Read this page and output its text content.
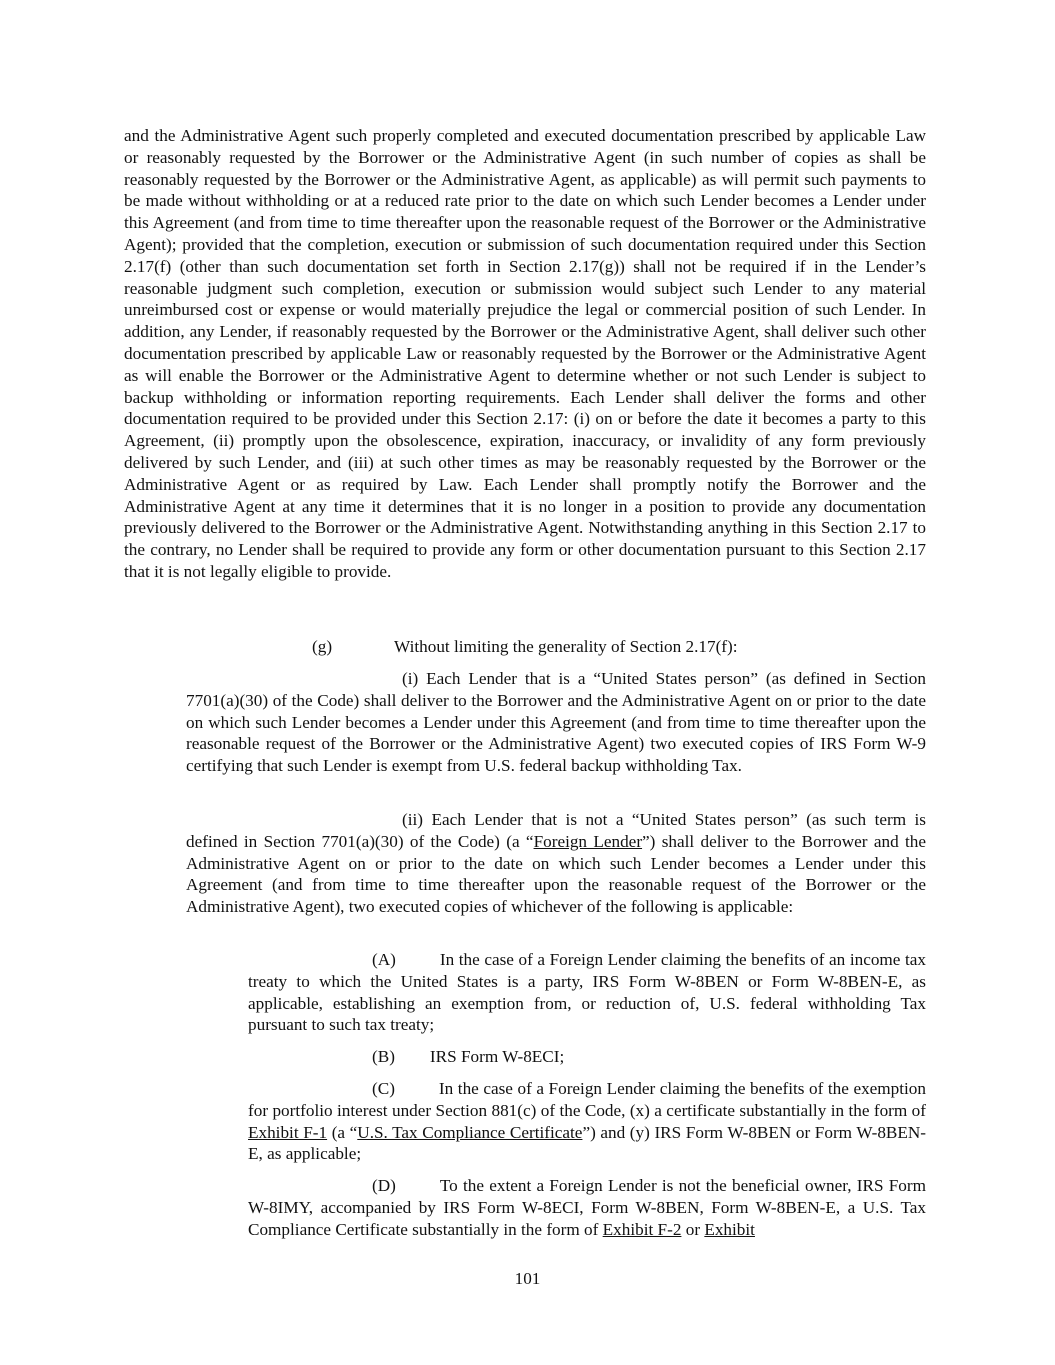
and the Administrative Agent such properly completed and executed documentation prescribed by applicable Law or reasonably requested by the Borrower or the Administrative Agent (in such number of copies as shall be reasonably requested by the Borrower or the Administrative Agent, as applicable) as will permit such payments to be made without withholding or at a reduced rate prior to the date on which such Lender becomes a Lender under this Agreement (and from time to time thereafter upon the reasonable request of the Borrower or the Administrative Agent); provided that the completion, execution or submission of such documentation required under this Section 2.17(f) (other than such documentation set forth in Section 2.17(g)) shall not be required if in the Lender’s reasonable judgment such completion, execution or submission would subject such Lender to any material unreimbursed cost or expense or would materially prejudice the legal or commercial position of such Lender. In addition, any Lender, if reasonably requested by the Borrower or the Administrative Agent, shall deliver such other documentation prescribed by applicable Law or reasonably requested by the Borrower or the Administrative Agent as will enable the Borrower or the Administrative Agent to determine whether or not such Lender is subject to backup withholding or information reporting requirements. Each Lender shall deliver the forms and other documentation required to be provided under this Section 2.17: (i) on or before the date it becomes a party to this Agreement, (ii) promptly upon the obsolescence, expiration, inaccuracy, or invalidity of any form previously delivered by such Lender, and (iii) at such other times as may be reasonably requested by the Borrower or the Administrative Agent or as required by Law. Each Lender shall promptly notify the Borrower and the Administrative Agent at any time it determines that it is no longer in a position to provide any documentation previously delivered to the Borrower or the Administrative Agent. Notwithstanding anything in this Section 2.17 to the contrary, no Lender shall be required to provide any form or other documentation pursuant to this Section 2.17 that it is not legally eligible to provide.

(g)	Without limiting the generality of Section 2.17(f):

(i) Each Lender that is a “United States person” (as defined in Section 7701(a)(30) of the Code) shall deliver to the Borrower and the Administrative Agent on or prior to the date on which such Lender becomes a Lender under this Agreement (and from time to time thereafter upon the reasonable request of the Borrower or the Administrative Agent) two executed copies of IRS Form W-9 certifying that such Lender is exempt from U.S. federal backup withholding Tax.

(ii) Each Lender that is not a “United States person” (as such term is defined in Section 7701(a)(30) of the Code) (a “Foreign Lender”) shall deliver to the Borrower and the Administrative Agent on or prior to the date on which such Lender becomes a Lender under this Agreement (and from time to time thereafter upon the reasonable request of the Borrower or the Administrative Agent), two executed copies of whichever of the following is applicable:

(A)	In the case of a Foreign Lender claiming the benefits of an income tax treaty to which the United States is a party, IRS Form W-8BEN or Form W-8BEN-E, as applicable, establishing an exemption from, or reduction of, U.S. federal withholding Tax pursuant to such tax treaty;

(B) IRS Form W-8ECI;

(C)	In the case of a Foreign Lender claiming the benefits of the exemption for portfolio interest under Section 881(c) of the Code, (x) a certificate substantially in the form of Exhibit F-1 (a “U.S. Tax Compliance Certificate”) and (y) IRS Form W-8BEN or Form W-8BEN-E, as applicable;

(D)	To the extent a Foreign Lender is not the beneficial owner, IRS Form W-8IMY, accompanied by IRS Form W-8ECI, Form W-8BEN, Form W-8BEN-E, a U.S. Tax Compliance Certificate substantially in the form of Exhibit F-2 or Exhibit

101
